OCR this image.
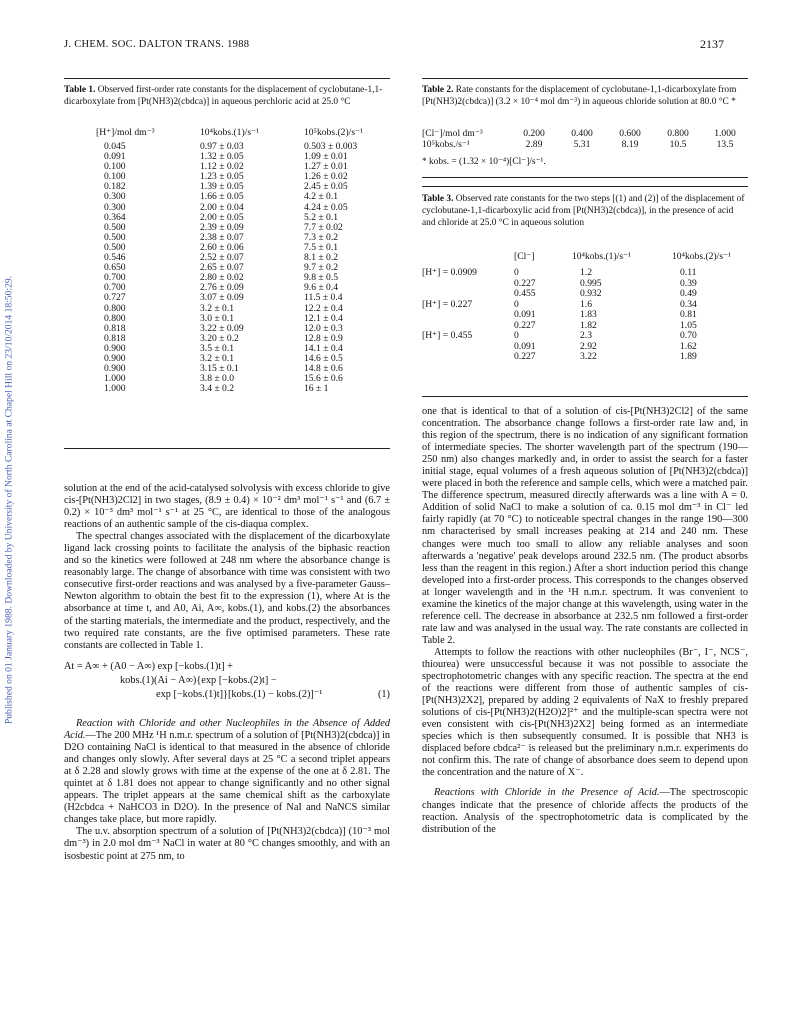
J. CHEM. SOC. DALTON TRANS. 1988	2137
Published on 01 January 1988. Downloaded by University of North Carolina at Chapel Hill on 23/10/2014 18:50:29.
Table 1. Observed first-order rate constants for the displacement of cyclobutane-1,1-dicarboxylate from [Pt(NH3)2(cbdca)] in aqueous perchloric acid at 25.0 °C
[H⁺]/mol dm⁻³	10⁴kobs.(1)/s⁻¹	10⁵kobs.(2)/s⁻¹
0.045	0.97 ± 0.03	0.503 ± 0.003
0.091	1.32 ± 0.05	1.09 ± 0.01
0.100	1.12 ± 0.02	1.27 ± 0.01
0.100	1.23 ± 0.05	1.26 ± 0.02
0.182	1.39 ± 0.05	2.45 ± 0.05
0.300	1.66 ± 0.05	4.2 ± 0.1
0.300	2.00 ± 0.04	4.24 ± 0.05
0.364	2.00 ± 0.05	5.2 ± 0.1
0.500	2.39 ± 0.09	7.7 ± 0.02
0.500	2.38 ± 0.07	7.3 ± 0.2
0.500	2.60 ± 0.06	7.5 ± 0.1
0.546	2.52 ± 0.07	8.1 ± 0.2
0.650	2.65 ± 0.07	9.7 ± 0.2
0.700	2.80 ± 0.02	9.8 ± 0.5
0.700	2.76 ± 0.09	9.6 ± 0.4
0.727	3.07 ± 0.09	11.5 ± 0.4
0.800	3.2 ± 0.1	12.2 ± 0.4
0.800	3.0 ± 0.1	12.1 ± 0.4
0.818	3.22 ± 0.09	12.0 ± 0.3
0.818	3.20 ± 0.2	12.8 ± 0.9
0.900	3.5 ± 0.1	14.1 ± 0.4
0.900	3.2 ± 0.1	14.6 ± 0.5
0.900	3.15 ± 0.1	14.8 ± 0.6
1.000	3.8 ± 0.0	15.6 ± 0.6
1.000	3.4 ± 0.2	16 ± 1
Table 2. Rate constants for the displacement of cyclobutane-1,1-dicarboxylate from [Pt(NH3)2(cbdca)] (3.2 × 10⁻⁴ mol dm⁻³) in aqueous chloride solution at 80.0 °C *
[Cl⁻]/mol dm⁻³	0.200	0.400	0.600	0.800	1.000
10⁵kobs./s⁻¹	2.89	5.31	8.19	10.5	13.5
* kobs. = (1.32 × 10⁻⁴)[Cl⁻]/s⁻¹.
Table 3. Observed rate constants for the two steps [(1) and (2)] of the displacement of cyclobutane-1,1-dicarboxylic acid from [Pt(NH3)2(cbdca)], in the presence of acid and chloride at 25.0 °C in aqueous solution
	[Cl⁻]	10⁴kobs.(1)/s⁻¹	10⁴kobs.(2)/s⁻¹
[H⁺] = 0.0909	0	1.2	0.11
	0.227	0.995	0.39
	0.455	0.932	0.49
[H⁺] = 0.227	0	1.6	0.34
	0.091	1.83	0.81
	0.227	1.82	1.05
[H⁺] = 0.455	0	2.3	0.70
	0.091	2.92	1.62
	0.227	3.22	1.89

solution at the end of the acid-catalysed solvolysis with excess chloride to give cis-[Pt(NH3)2Cl2] in two stages, (8.9 ± 0.4) × 10⁻² dm³ mol⁻¹ s⁻¹ and (6.7 ± 0.2) × 10⁻³ dm³ mol⁻¹ s⁻¹ at 25 °C, are identical to those of the analogous reactions of an authentic sample of the cis-diaqua complex.

The spectral changes associated with the displacement of the dicarboxylate ligand lack crossing points to facilitate the analysis of the biphasic reaction and so the kinetics were followed at 248 nm where the absorbance change is reasonably large. The change of absorbance with time was consistent with two consecutive first-order reactions and was analysed by a five-parameter Gauss–Newton algorithm to obtain the best fit to the expression (1), where At is the absorbance at time t, and A0, Ai, A∞, kobs.(1), and kobs.(2) the absorbances of the starting materials, the intermediate and the product, respectively, and the two required rate constants, are the five optimised parameters. These rate constants are collected in Table 1.

At = A∞ + (A0 − A∞) exp [−kobs.(1)t] +
kobs.(1)(Ai − A∞){exp [−kobs.(2)t] −
exp [−kobs.(1)t]}[kobs.(1) − kobs.(2)]⁻¹	(1)

Reaction with Chloride and other Nucleophiles in the Absence of Added Acid.—The 200 MHz ¹H n.m.r. spectrum of a solution of [Pt(NH3)2(cbdca)] in D2O containing NaCl is identical to that measured in the absence of chloride and changes only slowly. After several days at 25 °C a second triplet appears at δ 2.28 and slowly grows with time at the expense of the one at δ 2.81. The quintet at δ 1.81 does not appear to change significantly and no other signal appears. The triplet appears at the same chemical shift as the carboxylate (H2cbdca + NaHCO3 in D2O). In the presence of NaI and NaNCS similar changes take place, but more rapidly.

The u.v. absorption spectrum of a solution of [Pt(NH3)2(cbdca)] (10⁻³ mol dm⁻³) in 2.0 mol dm⁻³ NaCl in water at 80 °C changes smoothly, and with an isosbestic point at 275 nm, to

one that is identical to that of a solution of cis-[Pt(NH3)2Cl2] of the same concentration. The absorbance change follows a first-order rate law and, in this region of the spectrum, there is no indication of any significant formation of intermediate species. The shorter wavelength part of the spectrum (190—250 nm) also changes markedly and, in order to assist the search for a faster initial stage, equal volumes of a fresh aqueous solution of [Pt(NH3)2(cbdca)] were placed in both the reference and sample cells, which were a matched pair. The difference spectrum, measured directly afterwards was a line with A = 0. Addition of solid NaCl to make a solution of ca. 0.15 mol dm⁻³ in Cl⁻ led fairly rapidly (at 70 °C) to noticeable spectral changes in the range 190—300 nm characterised by small increases peaking at 214 and 240 nm. These changes were much too small to allow any reliable analyses and soon afterwards a 'negative' peak develops around 232.5 nm. (The product absorbs less than the reagent in this region.) After a short induction period this change developed into a first-order process. This corresponds to the changes observed at longer wavelength and in the ¹H n.m.r. spectrum. It was convenient to examine the kinetics of the major change at this wavelength, using water in the reference cell. The decrease in absorbance at 232.5 nm followed a first-order rate law and was analysed in the usual way. The rate constants are collected in Table 2.

Attempts to follow the reactions with other nucleophiles (Br⁻, I⁻, NCS⁻, thiourea) were unsuccessful because it was not possible to associate the spectrophotometric changes with any specific reaction. The spectra at the end of the reactions were different from those of authentic samples of cis-[Pt(NH3)2X2], prepared by adding 2 equivalents of NaX to freshly prepared solutions of cis-[Pt(NH3)2(H2O)2]²⁺ and the multiple-scan spectra were not even consistent with cis-[Pt(NH3)2X2] being formed as an intermediate species which is then subsequently consumed. It is possible that NH3 is displaced before cbdca²⁻ is released but the preliminary n.m.r. experiments do not confirm this. The rate of change of absorbance does seem to depend upon the concentration and the nature of X⁻.

Reactions with Chloride in the Presence of Acid.—The spectroscopic changes indicate that the presence of chloride affects the products of the reaction. Analysis of the spectrophotometric data is complicated by the distribution of the
